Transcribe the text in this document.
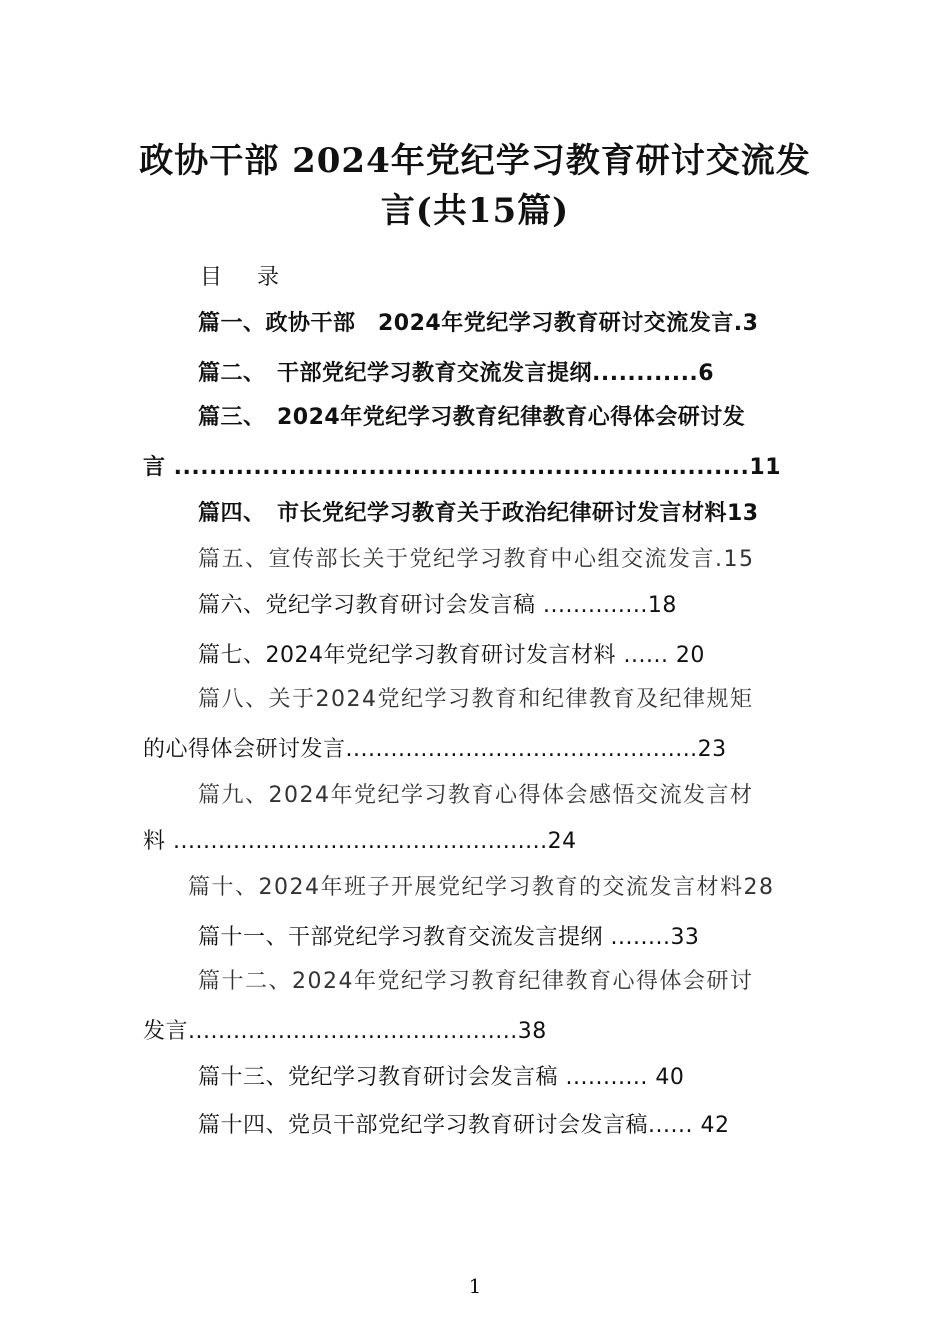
政协干部 2024年党纪学习教育研讨交流发
言(共15篇)
目 录
篇一、政协干部　2024年党纪学习教育研讨交流发言.3
篇二、　干部党纪学习教育交流发言提纲............6
篇三、　2024年党纪学习教育纪律教育心得体会研讨发
言 .................................................................11
篇四、　市长党纪学习教育关于政治纪律研讨发言材料13
篇五、宣传部长关于党纪学习教育中心组交流发言.15
篇六、党纪学习教育研讨会发言稿 ..............18
篇七、2024年党纪学习教育研讨发言材料 ...... 20
篇八、关于2024党纪学习教育和纪律教育及纪律规矩
的心得体会研讨发言...............................................23
篇九、2024年党纪学习教育心得体会感悟交流发言材
料 ..................................................24
篇十、2024年班子开展党纪学习教育的交流发言材料28
篇十一、干部党纪学习教育交流发言提纲 ........33
篇十二、2024年党纪学习教育纪律教育心得体会研讨
发言............................................38
篇十三、党纪学习教育研讨会发言稿 ........... 40
篇十四、党员干部党纪学习教育研讨会发言稿...... 42
1
